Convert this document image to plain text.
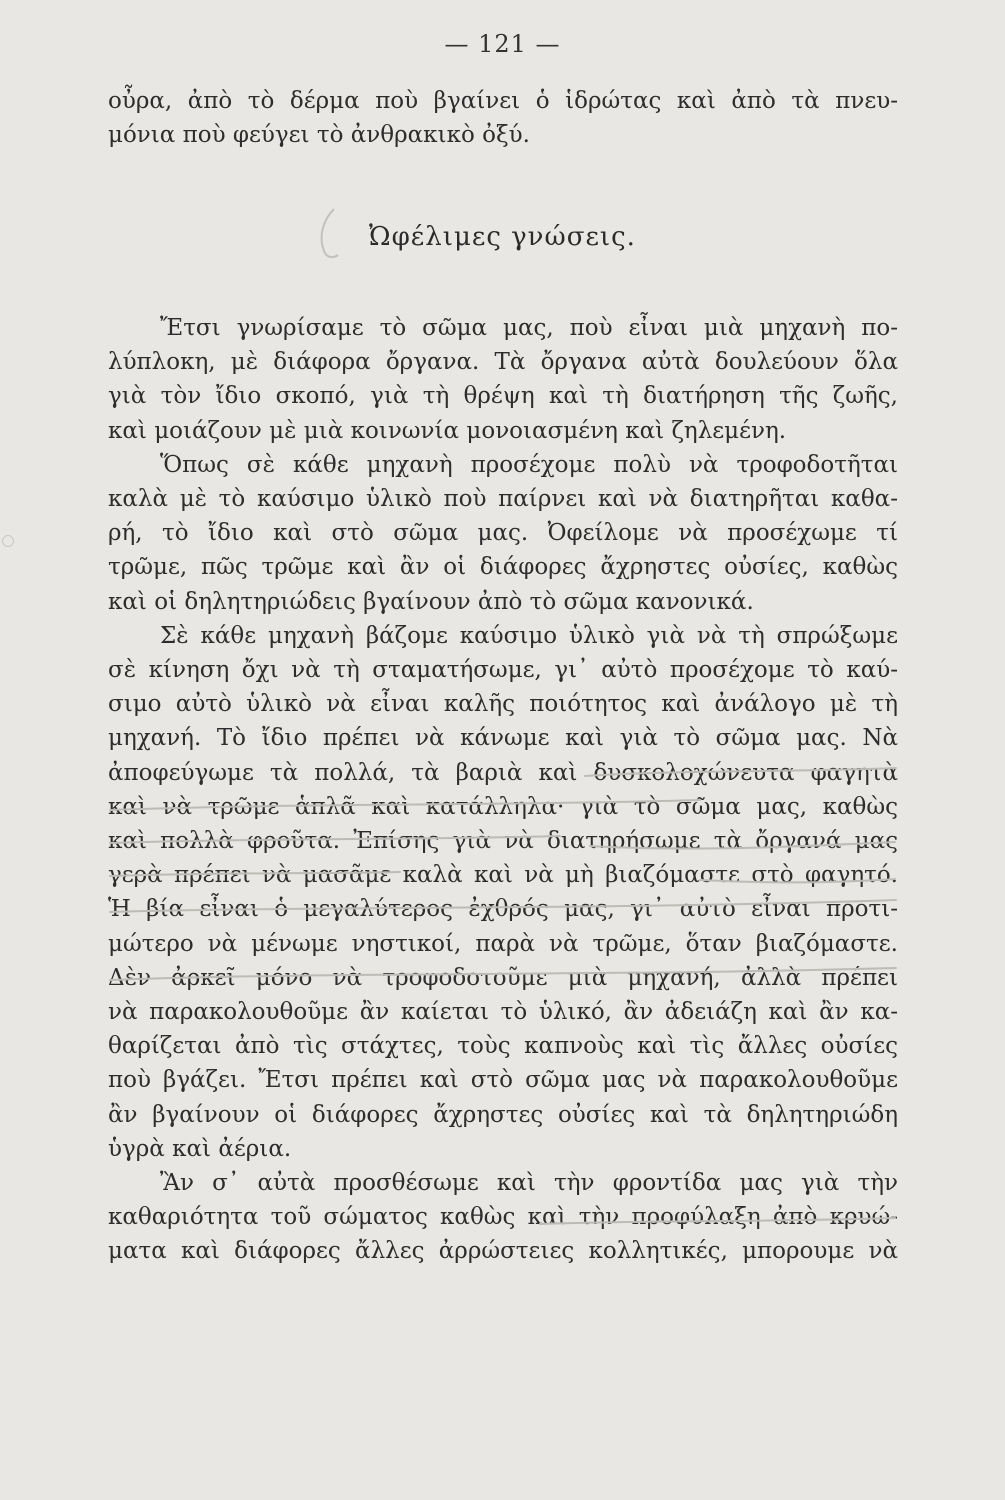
— 121 —
οὖρα, ἀπὸ τὸ δέρμα ποὺ βγαίνει ὁ ἱδρώτας καὶ ἀπὸ τὰ πνευ-
μόνια ποὺ φεύγει τὸ ἀνθρακικὸ ὀξύ.
Ὠφέλιμες γνώσεις.
Ἔτσι γνωρίσαμε τὸ σῶμα μας, ποὺ εἶναι μιὰ μηχανὴ πο-
λύπλοκη, μὲ διάφορα ὄργανα. Τὰ ὄργανα αὐτὰ δουλεύουν ὅλα
γιὰ τὸν ἴδιο σκοπό, γιὰ τὴ θρέψη καὶ τὴ διατήρηση τῆς ζωῆς,
καὶ μοιάζουν μὲ μιὰ κοινωνία μονοιασμένη καὶ ζηλεμένη.
Ὅπως σὲ κάθε μηχανὴ προσέχομε πολὺ νὰ τροφοδοτῆται
καλὰ μὲ τὸ καύσιμο ὑλικὸ ποὺ παίρνει καὶ νὰ διατηρῆται καθα-
ρή, τὸ ἴδιο καὶ στὸ σῶμα μας. Ὀφείλομε νὰ προσέχωμε τί
τρῶμε, πῶς τρῶμε καὶ ἂν οἱ διάφορες ἄχρηστες οὐσίες, καθὼς
καὶ οἱ δηλητηριώδεις βγαίνουν ἀπὸ τὸ σῶμα κανονικά.
Σὲ κάθε μηχανὴ βάζομε καύσιμο ὑλικὸ γιὰ νὰ τὴ σπρώξωμε
σὲ κίνηση ὄχι νὰ τὴ σταματήσωμε, γι᾿ αὐτὸ προσέχομε τὸ καύ-
σιμο αὐτὸ ὑλικὸ νὰ εἶναι καλῆς ποιότητος καὶ ἀνάλογο μὲ τὴ
μηχανή. Τὸ ἴδιο πρέπει νὰ κάνωμε καὶ γιὰ τὸ σῶμα μας. Νὰ
ἀποφεύγωμε τὰ πολλά, τὰ βαριὰ καὶ δυσκολοχώνευτα φαγητὰ
καὶ νὰ τρῶμε ἁπλᾶ καὶ κατάλληλα· γιὰ τὸ σῶμα μας, καθὼς
καὶ πολλὰ φροῦτα. Ἐπίσης γιὰ νὰ διατηρήσωμε τὰ ὄργανά μας
γερὰ πρέπει νὰ μασᾶμε καλὰ καὶ νὰ μὴ βιαζόμαστε στὸ φαγητό.
Ἡ βία εἶναι ὁ μεγαλύτερος ἐχθρός μας, γι᾿ αὐτὸ εἶναι προτι-
μώτερο νὰ μένωμε νηστικοί, παρὰ νὰ τρῶμε, ὅταν βιαζόμαστε.
Δὲν ἀρκεῖ μόνο νὰ τροφοδοτοῦμε μιὰ μηχανή, ἀλλὰ πρέπει
νὰ παρακολουθοῦμε ἂν καίεται τὸ ὑλικό, ἂν ἀδειάζη καὶ ἂν κα-
θαρίζεται ἀπὸ τὶς στάχτες, τοὺς καπνοὺς καὶ τὶς ἄλλες οὐσίες
ποὺ βγάζει. Ἔτσι πρέπει καὶ στὸ σῶμα μας νὰ παρακολουθοῦμε
ἂν βγαίνουν οἱ διάφορες ἄχρηστες οὐσίες καὶ τὰ δηλητηριώδη
ὑγρὰ καὶ ἀέρια.
Ἂν σ᾿ αὐτὰ προσθέσωμε καὶ τὴν φροντίδα μας γιὰ τὴν
καθαριότητα τοῦ σώματος καθὼς καὶ τὴν προφύλαξη ἀπὸ κρυώ-
ματα καὶ διάφορες ἄλλες ἀρρώστειες κολλητικές, μπορουμε νὰ
